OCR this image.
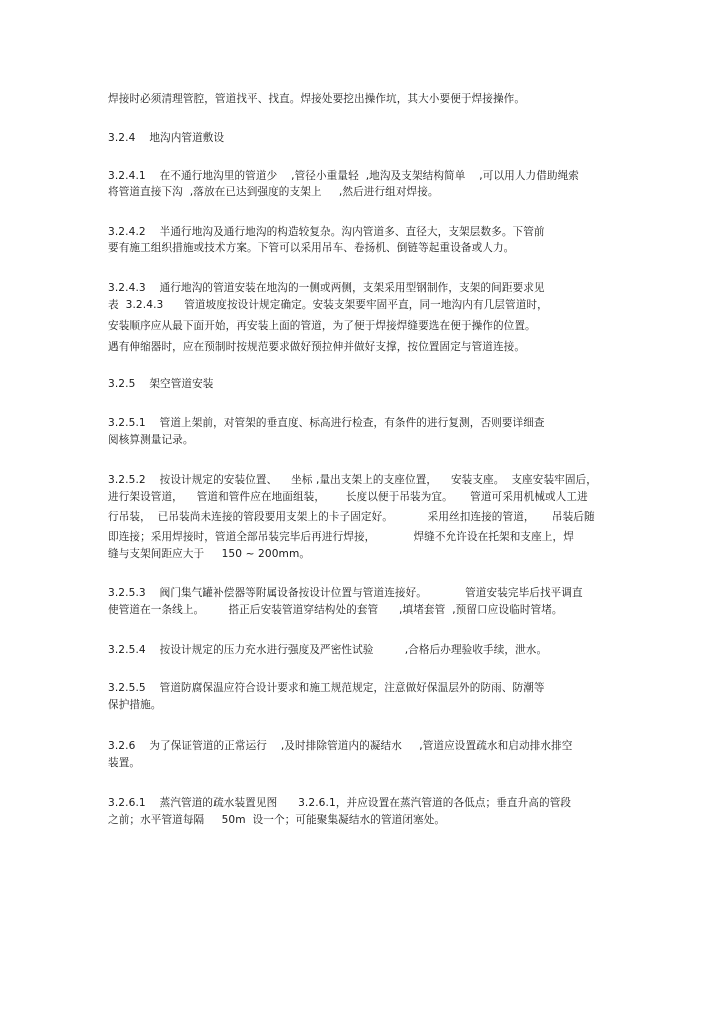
焊接时必须清理管腔，管道找平、找直。焊接处要挖出操作坑，其大小要便于焊接操作。
3.2.4    地沟内管道敷设
3.2.4.1    在不通行地沟里的管道少    ,管径小重量轻  ,地沟及支架结构简单    ,可以用人力借助绳索
将管道直接下沟  ,落放在已达到强度的支架上     ,然后进行组对焊接。
3.2.4.2    半通行地沟及通行地沟的构造较复杂。沟内管道多、直径大，支架层数多。下管前
要有施工组织措施或技术方案。下管可以采用吊车、卷扬机、倒链等起重设备或人力。
3.2.4.3    通行地沟的管道安装在地沟的一侧或两侧，支架采用型钢制作，支架的间距要求见
表  3.2.4.3      管道坡度按设计规定确定。安装支架要牢固平直，同一地沟内有几层管道时，
安装顺序应从最下面开始，再安装上面的管道，为了便于焊接焊缝要选在便于操作的位置。
遇有伸缩器时，应在预制时按规范要求做好预拉伸并做好支撑，按位置固定与管道连接。
3.2.5    架空管道安装
3.2.5.1    管道上架前，对管架的垂直度、标高进行检查，有条件的进行复测，否则要详细查
阅核算测量记录。
3.2.5.2    按设计规定的安装位置、    坐标 ,量出支架上的支座位置，    安装支座。  支座安装牢固后，
进行架设管道，    管道和管件应在地面组装，      长度以便于吊装为宜。     管道可采用机械或人工进
行吊装，  已吊装尚未连接的管段要用支架上的卡子固定好。          采用丝扣连接的管道，     吊装后随
即连接；采用焊接时，管道全部吊装完毕后再进行焊接，           焊缝不允许设在托架和支座上，焊
缝与支架间距应大于     150 ~ 200mm。
3.2.5.3    阀门集气罐补偿器等附属设备按设计位置与管道连接好。           管道安装完毕后找平调直
使管道在一条线上。       搭正后安装管道穿结构处的套管      ,填堵套管  ,预留口应设临时管堵。
3.2.5.4    按设计规定的压力充水进行强度及严密性试验         ,合格后办理验收手续，泄水。
3.2.5.5    管道防腐保温应符合设计要求和施工规范规定，注意做好保温层外的防雨、防潮等
保护措施。
3.2.6    为了保证管道的正常运行    ,及时排除管道内的凝结水     ,管道应设置疏水和启动排水排空
装置。
3.2.6.1    蒸汽管道的疏水装置见图      3.2.6.1，并应设置在蒸汽管道的各低点；垂直升高的管段
之前；水平管道每隔     50m  设一个；可能聚集凝结水的管道闭塞处。
